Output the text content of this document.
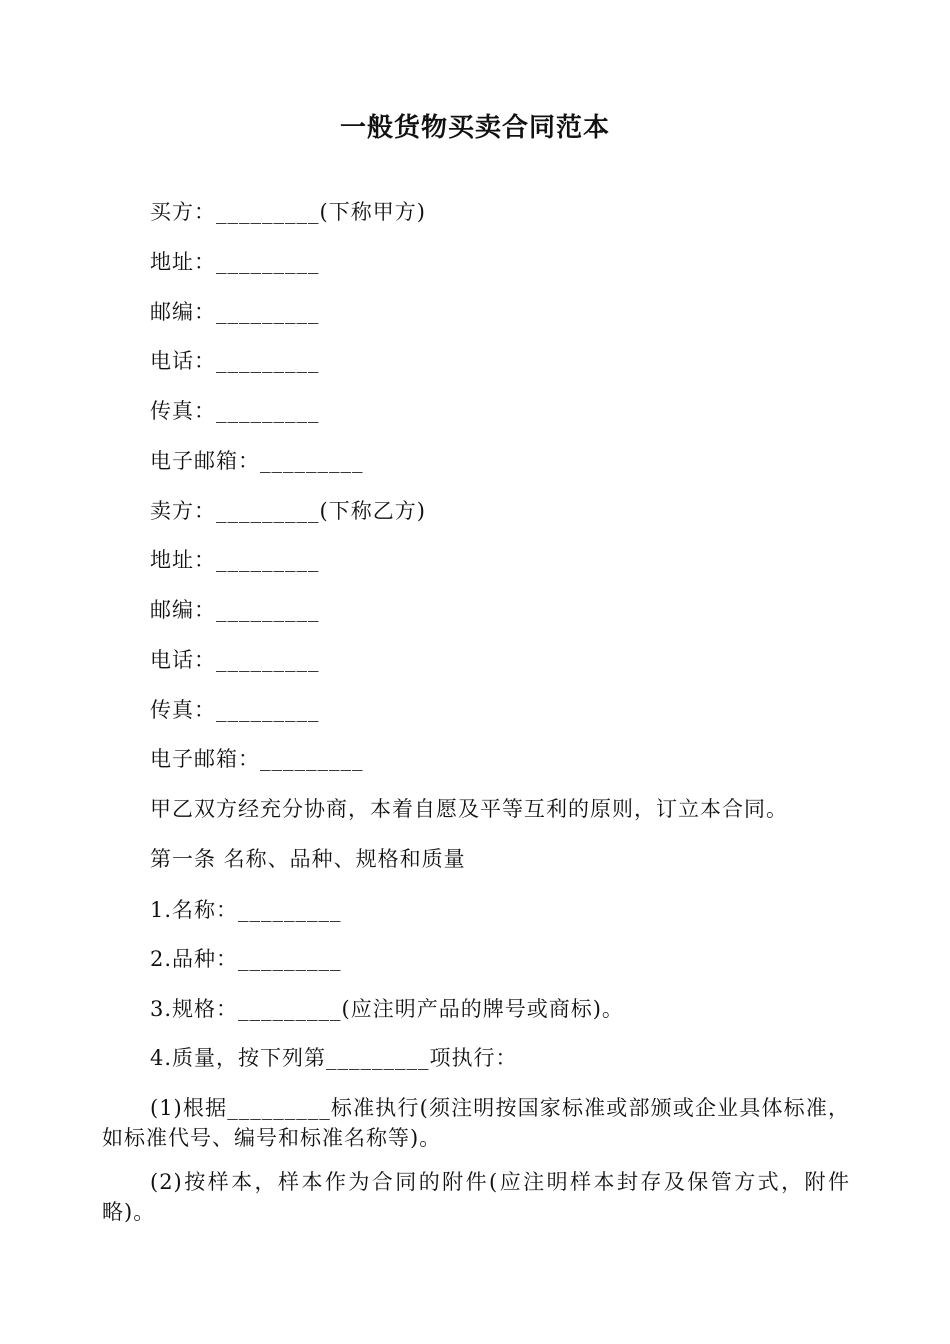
一般货物买卖合同范本
买方：_________(下称甲方)
地址：_________
邮编：_________
电话：_________
传真：_________
电子邮箱：_________
卖方：_________(下称乙方)
地址：_________
邮编：_________
电话：_________
传真：_________
电子邮箱：_________
甲乙双方经充分协商，本着自愿及平等互利的原则，订立本合同。
第一条 名称、品种、规格和质量
1.名称：_________
2.品种：_________
3.规格：_________(应注明产品的牌号或商标)。
4.质量，按下列第_________项执行：
(1)根据_________标准执行(须注明按国家标准或部颁或企业具体标准，如标准代号、编号和标准名称等)。
(2)按样本，样本作为合同的附件(应注明样本封存及保管方式，附件略)。
